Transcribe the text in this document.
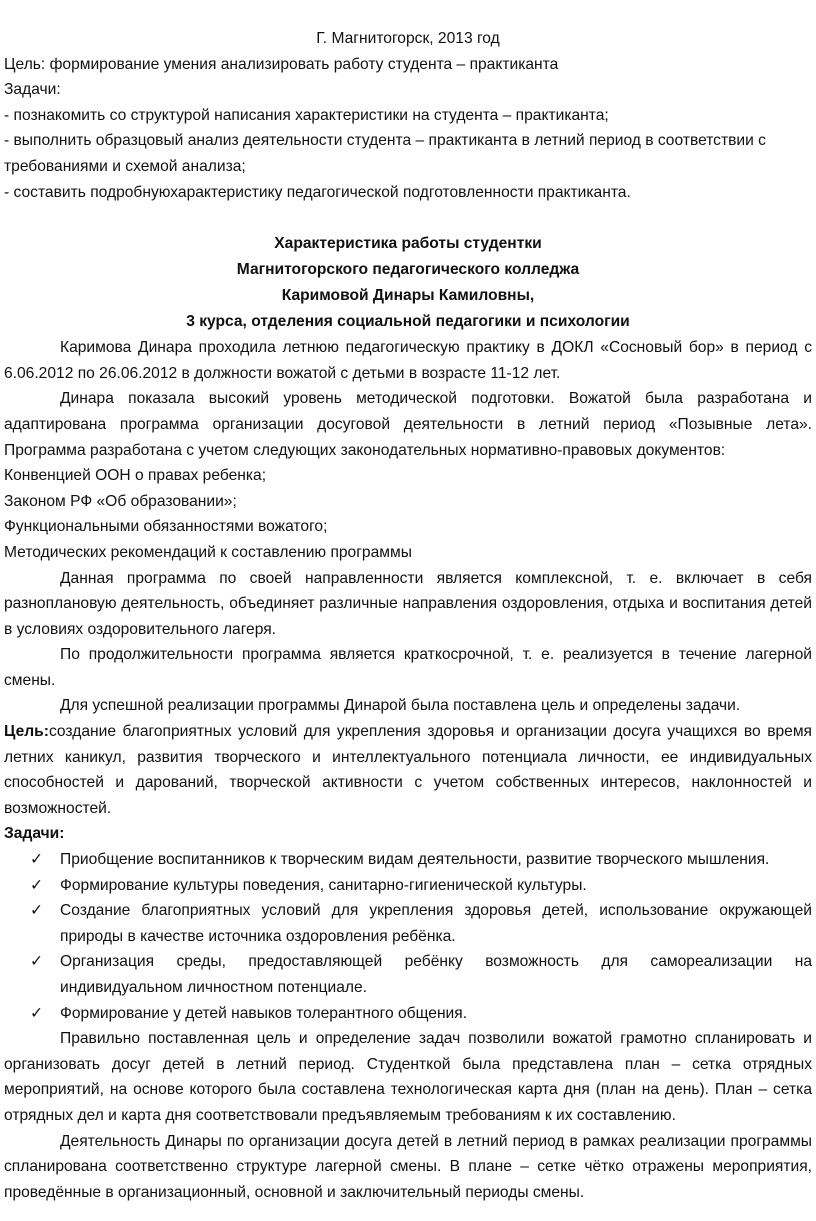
Г. Магнитогорск, 2013 год

Цель: формирование умения анализировать работу студента – практиканта

Задачи:

- познакомить со структурой написания характеристики на студента – практиканта;

- выполнить образцовый анализ деятельности студента – практиканта в летний период в соответствии с требованиями и схемой анализа;

- составить подробнуюхарактеристику педагогической подготовленности практиканта.

Характеристика работы студентки

Магнитогорского педагогического колледжа

Каримовой Динары Камиловны,

3 курса, отделения социальной педагогики и психологии

Каримова Динара проходила летнюю педагогическую практику в ДОКЛ «Сосновый бор» в период с 6.06.2012 по 26.06.2012 в должности вожатой с детьми в возрасте 11-12 лет.

Динара показала высокий уровень методической подготовки. Вожатой была разработана и адаптирована программа организации досуговой деятельности в летний период «Позывные лета». Программа разработана с учетом следующих законодательных нормативно-правовых документов:

Конвенцией ООН о правах ребенка;

Законом РФ «Об образовании»;

Функциональными обязанностями вожатого;

Методических рекомендаций к составлению программы

Данная программа по своей направленности является комплексной, т. е. включает в себя разноплановую деятельность, объединяет различные направления оздоровления, отдыха и воспитания детей в условиях оздоровительного лагеря.

По продолжительности программа является краткосрочной, т. е. реализуется в течение лагерной смены.

Для успешной реализации программы Динарой была поставлена цель и определены задачи.

Цель:создание благоприятных условий для укрепления здоровья и организации досуга учащихся во время летних каникул, развития творческого и интеллектуального потенциала личности, ее индивидуальных способностей и дарований, творческой активности с учетом собственных интересов, наклонностей и возможностей.

Задачи:

✓	Приобщение воспитанников к творческим видам деятельности, развитие творческого мышления.
✓	Формирование культуры поведения, санитарно-гигиенической культуры.
✓	Создание благоприятных условий для укрепления здоровья детей, использование окружающей природы в качестве источника оздоровления ребёнка.
✓	Организация среды, предоставляющей ребёнку возможность для самореализации на индивидуальном личностном потенциале.
✓	Формирование у детей навыков толерантного общения.

Правильно поставленная цель и определение задач позволили вожатой грамотно спланировать и организовать досуг детей в летний период. Студенткой была представлена план – сетка отрядных мероприятий, на основе которого была составлена технологическая карта дня (план на день). План – сетка отрядных дел и карта дня соответствовали предъявляемым требованиям к их составлению.

Деятельность Динары по организации досуга детей в летний период в рамках реализации программы спланирована соответственно структуре лагерной смены. В плане – сетке чётко отражены мероприятия, проведённые в организационный, основной и заключительный периоды смены.
